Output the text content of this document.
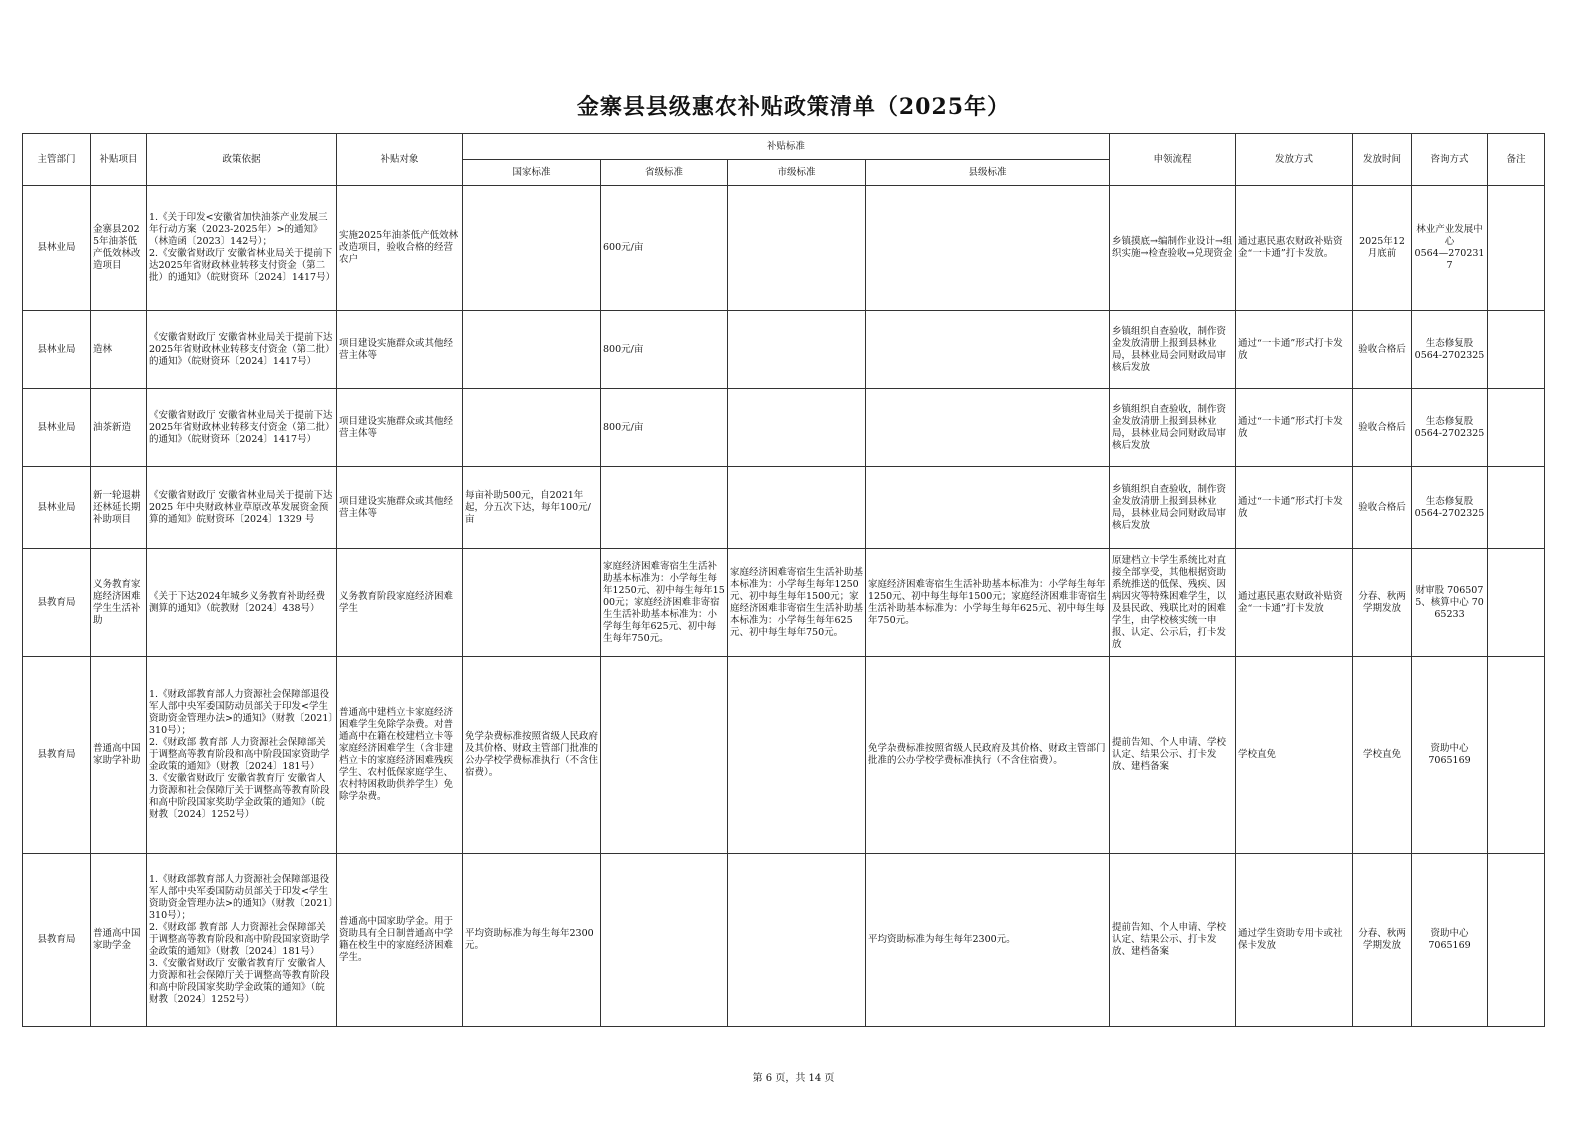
金寨县县级惠农补贴政策清单（2025年）
主管部门	补贴项目	政策依据	补贴对象	补贴标准				申领流程	发放方式	发放时间	咨询方式	备注
				国家标准	省级标准	市级标准	县级标准					
县林业局	金寨县2025年油茶低产低效林改造项目	1.《关于印发<安徽省加快油茶产业发展三年行动方案（2023-2025年）>的通知》（林造函〔2023〕142号）；
2.《安徽省财政厅 安徽省林业局关于提前下达2025年省财政林业转移支付资金（第二批）的通知》（皖财资环〔2024〕1417号）	实施2025年油茶低产低效林改造项目，验收合格的经营农户		600元/亩			乡镇摸底→编制作业设计→组织实施→检查验收→兑现资金	通过惠民惠农财政补贴资金“一卡通”打卡发放。	2025年12月底前	林业产业发展中心
0564—2702317	
县林业局	造林	《安徽省财政厅 安徽省林业局关于提前下达2025年省财政林业转移支付资金（第二批）的通知》（皖财资环〔2024〕1417号）	项目建设实施群众或其他经营主体等		800元/亩			乡镇组织自查验收，制作资金发放清册上报到县林业局，县林业局会同财政局审核后发放	通过“一卡通”形式打卡发放	验收合格后	生态修复股
0564-2702325	
县林业局	油茶新造	《安徽省财政厅 安徽省林业局关于提前下达2025年省财政林业转移支付资金（第二批）的通知》（皖财资环〔2024〕1417号）	项目建设实施群众或其他经营主体等		800元/亩			乡镇组织自查验收，制作资金发放清册上报到县林业局，县林业局会同财政局审核后发放	通过“一卡通”形式打卡发放	验收合格后	生态修复股
0564-2702325	
县林业局	新一轮退耕还林延长期补助项目	《安徽省财政厅 安徽省林业局关于提前下达2025 年中央财政林业草原改革发展资金预算的通知》皖财资环〔2024〕1329 号	项目建设实施群众或其他经营主体等	每亩补助500元，自2021年起，分五次下达，每年100元/亩				乡镇组织自查验收，制作资金发放清册上报到县林业局，县林业局会同财政局审核后发放	通过“一卡通”形式打卡发放	验收合格后	生态修复股
0564-2702325	
县教育局	义务教育家庭经济困难学生生活补助	《关于下达2024年城乡义务教育补助经费测算的通知》（皖教财〔2024〕438号）	义务教育阶段家庭经济困难学生		家庭经济困难寄宿生生活补助基本标准为：小学每生每年1250元、初中每生每年1500元；家庭经济困难非寄宿生生活补助基本标准为：小学每生每年625元、初中每生每年750元。	家庭经济困难寄宿生生活补助基本标准为：小学每生每年1250元、初中每生每年1500元；家庭经济困难非寄宿生生活补助基本标准为：小学每生每年625元、初中每生每年750元。	家庭经济困难寄宿生生活补助基本标准为：小学每生每年1250元、初中每生每年1500元；家庭经济困难非寄宿生生活补助基本标准为：小学每生每年625元、初中每生每年750元。	原建档立卡学生系统比对直接全部享受，其他根据资助系统推送的低保、残疾、因病因灾等特殊困难学生，以及县民政、残联比对的困难学生，由学校核实统一申报、认定、公示后，打卡发放	通过惠民惠农财政补贴资金“一卡通”打卡发放	分春、秋两学期发放	财审股 7065075、核算中心 7065233	
县教育局	普通高中国家助学补助	1.《财政部教育部人力资源社会保障部退役军人部中央军委国防动员部关于印发<学生资助资金管理办法>的通知》（财教〔2021〕310号）；
2.《财政部 教育部 人力资源社会保障部关于调整高等教育阶段和高中阶段国家资助学金政策的通知》（财教〔2024〕181号）
3.《安徽省财政厅 安徽省教育厅 安徽省人力资源和社会保障厅关于调整高等教育阶段和高中阶段国家奖助学金政策的通知》（皖财教〔2024〕1252号）	普通高中建档立卡家庭经济困难学生免除学杂费。对普通高中在籍在校建档立卡等家庭经济困难学生（含非建档立卡的家庭经济困难残疾学生、农村低保家庭学生、农村特困救助供养学生）免除学杂费。	免学杂费标准按照省级人民政府及其价格、财政主管部门批准的公办学校学费标准执行（不含住宿费）。			免学杂费标准按照省级人民政府及其价格、财政主管部门批准的公办学校学费标准执行（不含住宿费）。	提前告知、个人申请、学校认定、结果公示、打卡发放、建档备案	学校直免	学校直免	资助中心
7065169	
县教育局	普通高中国家助学金	1.《财政部教育部人力资源社会保障部退役军人部中央军委国防动员部关于印发<学生资助资金管理办法>的通知》（财教〔2021〕310号）；
2.《财政部 教育部 人力资源社会保障部关于调整高等教育阶段和高中阶段国家资助学金政策的通知》（财教〔2024〕181号）
3.《安徽省财政厅 安徽省教育厅 安徽省人力资源和社会保障厅关于调整高等教育阶段和高中阶段国家奖助学金政策的通知》（皖财教〔2024〕1252号）	普通高中国家助学金。用于资助具有全日制普通高中学籍在校生中的家庭经济困难学生。	平均资助标准为每生每年2300元。			平均资助标准为每生每年2300元。	提前告知、个人申请、学校认定、结果公示、打卡发放、建档备案	通过学生资助专用卡或社保卡发放	分春、秋两学期发放	资助中心
7065169	
第 6 页，共 14 页
